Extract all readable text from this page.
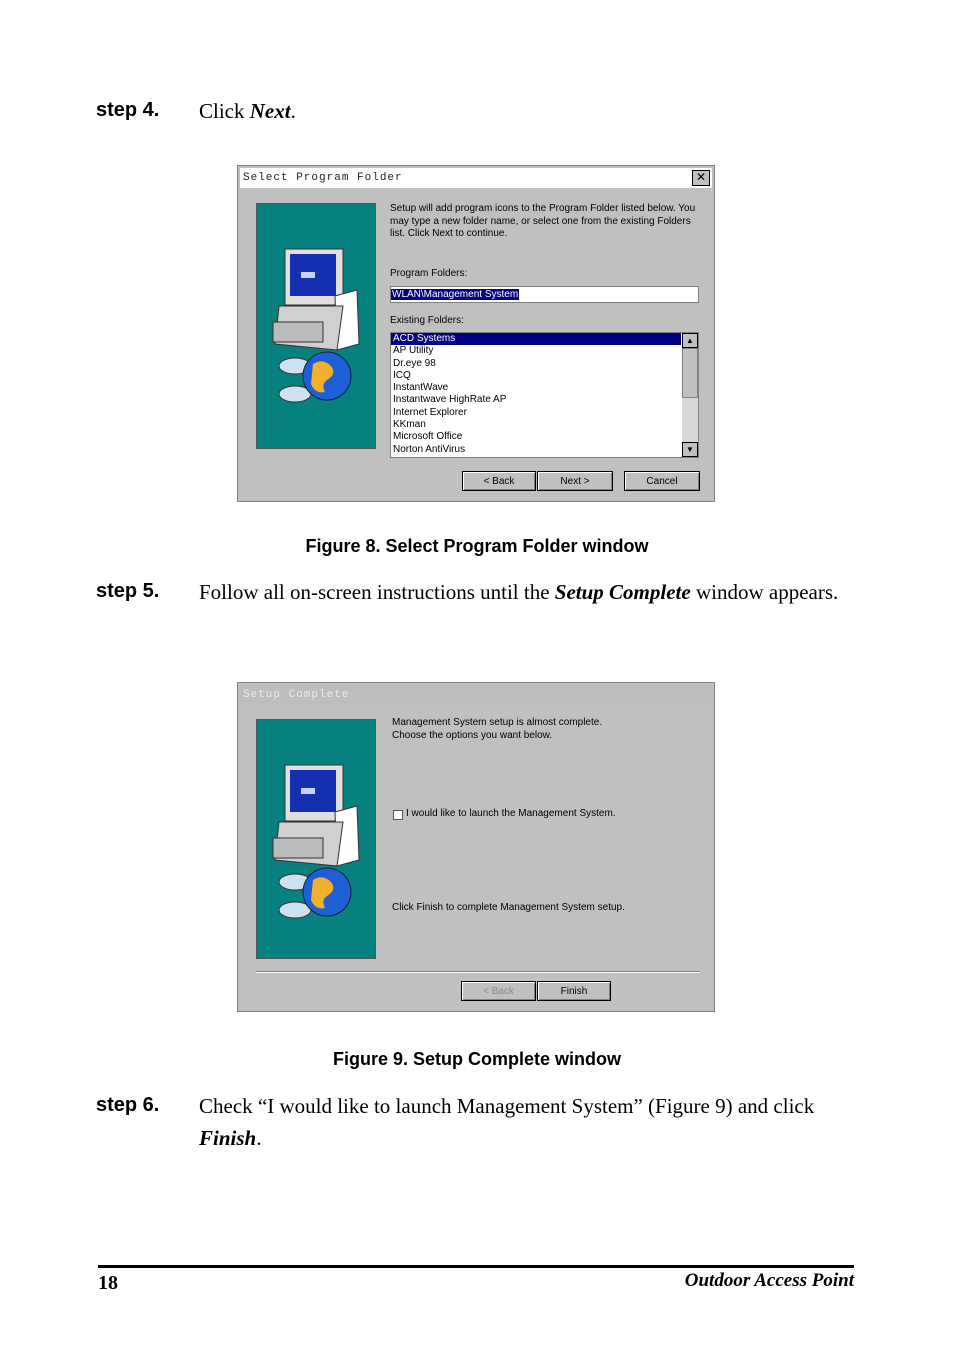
step 4. Click Next.
Select Program Folder	✕
Setup will add program icons to the Program Folder listed below. You may type a new folder name, or select one from the existing Folders list. Click Next to continue.
Program Folders:
WLAN\Management System
Existing Folders:
ACD Systems
AP Utility
Dr.eye 98
ICQ
InstantWave
Instantwave HighRate AP
Internet Explorer
KKman
Microsoft Office
Norton AntiVirus
▲
▼
< Back	Next >	Cancel
Figure 8. Select Program Folder window
step 5. Follow all on-screen instructions until the Setup Complete window appears.
Setup Complete
Management System setup is almost complete. Choose the options you want below.
I would like to launch the Management System.
Click Finish to complete Management System setup.
< Back	Finish
Figure 9. Setup Complete window
step 6. Check “I would like to launch Management System” (Figure 9) and click Finish.
18	Outdoor Access Point
